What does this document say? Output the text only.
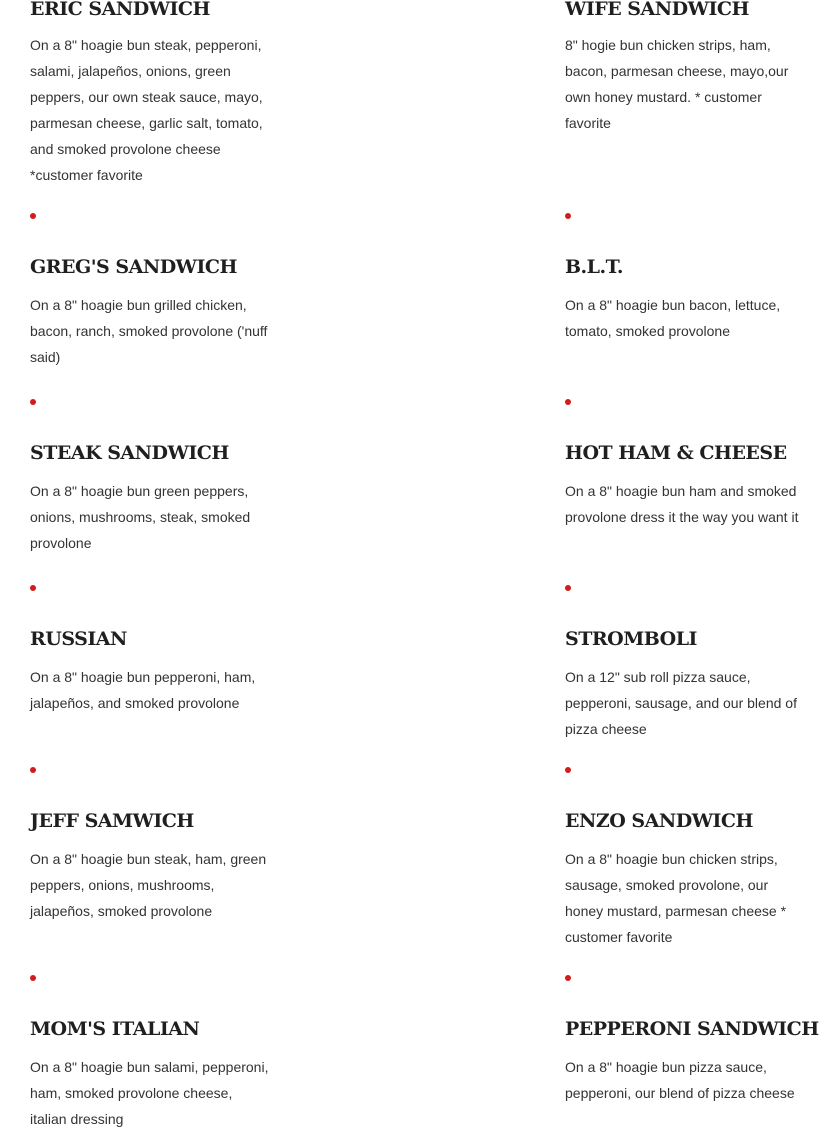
ERIC SANDWICH

On a 8" hoagie bun steak, pepperoni, salami, jalapeños, onions, green peppers, our own steak sauce, mayo, parmesan cheese, garlic salt, tomato, and smoked provolone cheese *customer favorite

WIFE SANDWICH

8" hogie bun chicken strips, ham, bacon, parmesan cheese, mayo,our own honey mustard. * customer favorite

GREG'S SANDWICH

On a 8" hoagie bun grilled chicken, bacon, ranch, smoked provolone ('nuff said)

B.L.T.

On a 8" hoagie bun bacon, lettuce, tomato, smoked provolone

STEAK SANDWICH

On a 8" hoagie bun green peppers, onions, mushrooms, steak, smoked provolone

HOT HAM & CHEESE

On a 8" hoagie bun ham and smoked provolone dress it the way you want it

RUSSIAN

On a 8" hoagie bun pepperoni, ham, jalapeños, and smoked provolone

STROMBOLI

On a 12" sub roll pizza sauce, pepperoni, sausage, and our blend of pizza cheese

JEFF SAMWICH

On a 8" hoagie bun steak, ham, green peppers, onions, mushrooms, jalapeños, smoked provolone

ENZO SANDWICH

On a 8" hoagie bun chicken strips, sausage, smoked provolone, our honey mustard, parmesan cheese * customer favorite

MOM'S ITALIAN

On a 8" hoagie bun salami, pepperoni, ham, smoked provolone cheese, italian dressing

PEPPERONI SANDWICH

On a 8" hoagie bun pizza sauce, pepperoni, our blend of pizza cheese
